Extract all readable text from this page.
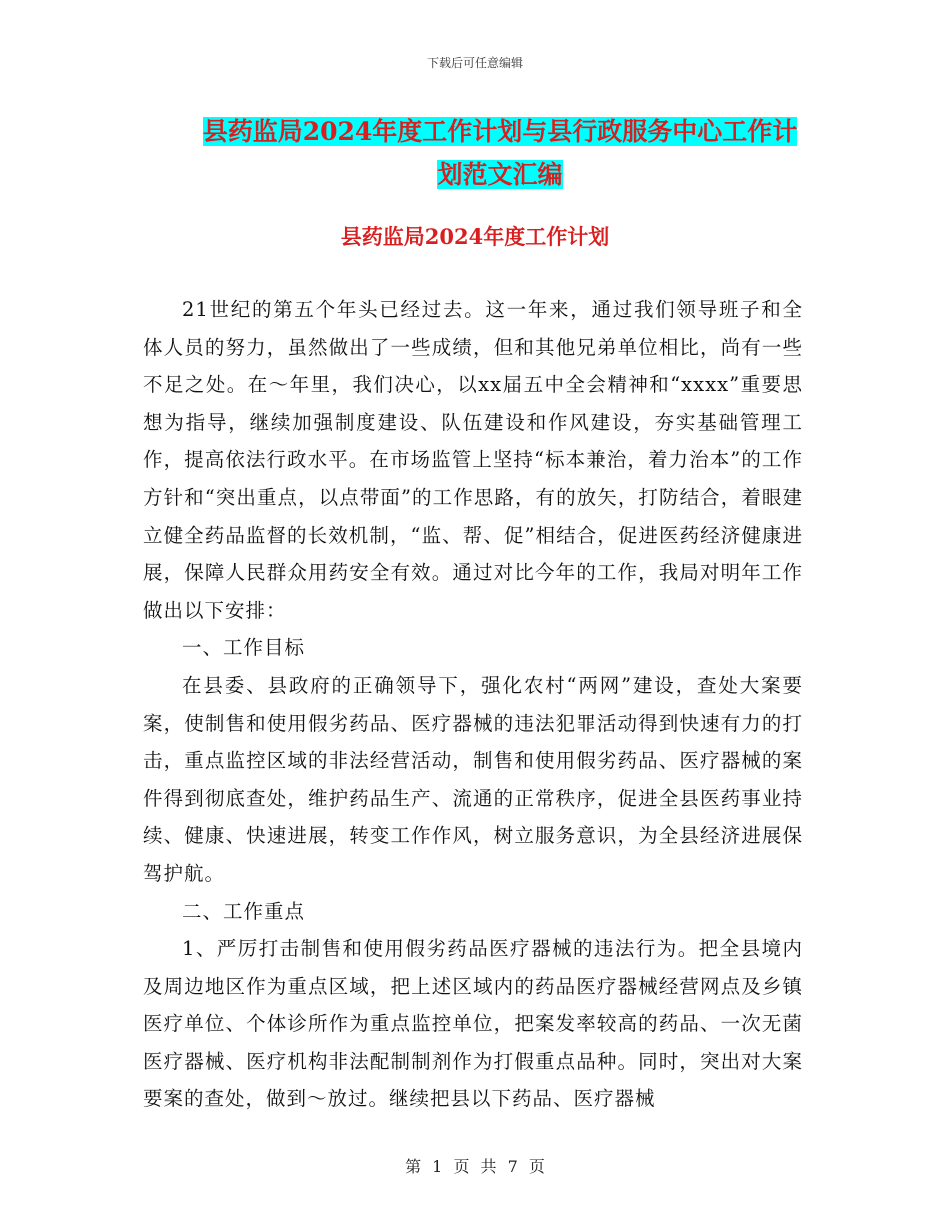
下载后可任意编辑
县药监局2024年度工作计划与县行政服务中心工作计
划范文汇编
县药监局2024年度工作计划

21世纪的第五个年头已经过去。这一年来，通过我们领导班子和全体人员的努力，虽然做出了一些成绩，但和其他兄弟单位相比，尚有一些不足之处。在～年里，我们决心，以xx届五中全会精神和“xxxx”重要思想为指导，继续加强制度建设、队伍建设和作风建设，夯实基础管理工作，提高依法行政水平。在市场监管上坚持“标本兼治，着力治本”的工作方针和“突出重点，以点带面”的工作思路，有的放矢，打防结合，着眼建立健全药品监督的长效机制，“监、帮、促”相结合，促进医药经济健康进展，保障人民群众用药安全有效。通过对比今年的工作，我局对明年工作做出以下安排：

一、工作目标

在县委、县政府的正确领导下，强化农村“两网”建设，查处大案要案，使制售和使用假劣药品、医疗器械的违法犯罪活动得到快速有力的打击，重点监控区域的非法经营活动，制售和使用假劣药品、医疗器械的案件得到彻底查处，维护药品生产、流通的正常秩序，促进全县医药事业持续、健康、快速进展，转变工作作风，树立服务意识，为全县经济进展保驾护航。

二、工作重点

1、严厉打击制售和使用假劣药品医疗器械的违法行为。把全县境内及周边地区作为重点区域，把上述区域内的药品医疗器械经营网点及乡镇医疗单位、个体诊所作为重点监控单位，把案发率较高的药品、一次无菌医疗器械、医疗机构非法配制制剂作为打假重点品种。同时，突出对大案要案的查处，做到～放过。继续把县以下药品、医疗器械

第 1 页 共 7 页
